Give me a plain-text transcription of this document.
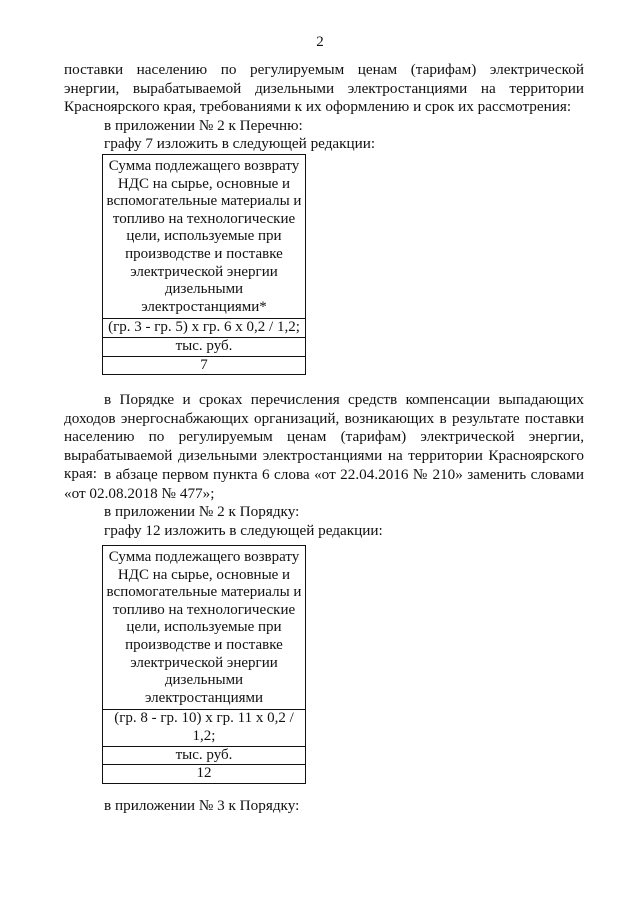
2
поставки населению по регулируемым ценам (тарифам) электрической энергии, вырабатываемой дизельными электростанциями на территории Красноярского края, требованиями к их оформлению и срок их рассмотрения:
в приложении № 2 к Перечню:
графу 7 изложить в следующей редакции:
Сумма подлежащего возврату НДС на сырье, основные и вспомогательные материалы и топливо на технологические цели, используемые при производстве и поставке электрической энергии дизельными электростанциями*
(гр. 3 - гр. 5) х гр. 6 х 0,2 / 1,2;
тыс. руб.
7
в Порядке и сроках перечисления средств компенсации выпадающих доходов энергоснабжающих организаций, возникающих в результате поставки населению по регулируемым ценам (тарифам) электрической энергии, вырабатываемой дизельными электростанциями на территории Красноярского края: в абзаце первом пункта 6 слова «от 22.04.2016 № 210» заменить словами «от 02.08.2018 № 477»;
в приложении № 2 к Порядку:
графу 12 изложить в следующей редакции:
Сумма подлежащего возврату НДС на сырье, основные и вспомогательные материалы и топливо на технологические цели, используемые при производстве и поставке электрической энергии дизельными электростанциями
(гр. 8 - гр. 10) х гр. 11 х 0,2 / 1,2;
тыс. руб.
12
в приложении № 3 к Порядку:
